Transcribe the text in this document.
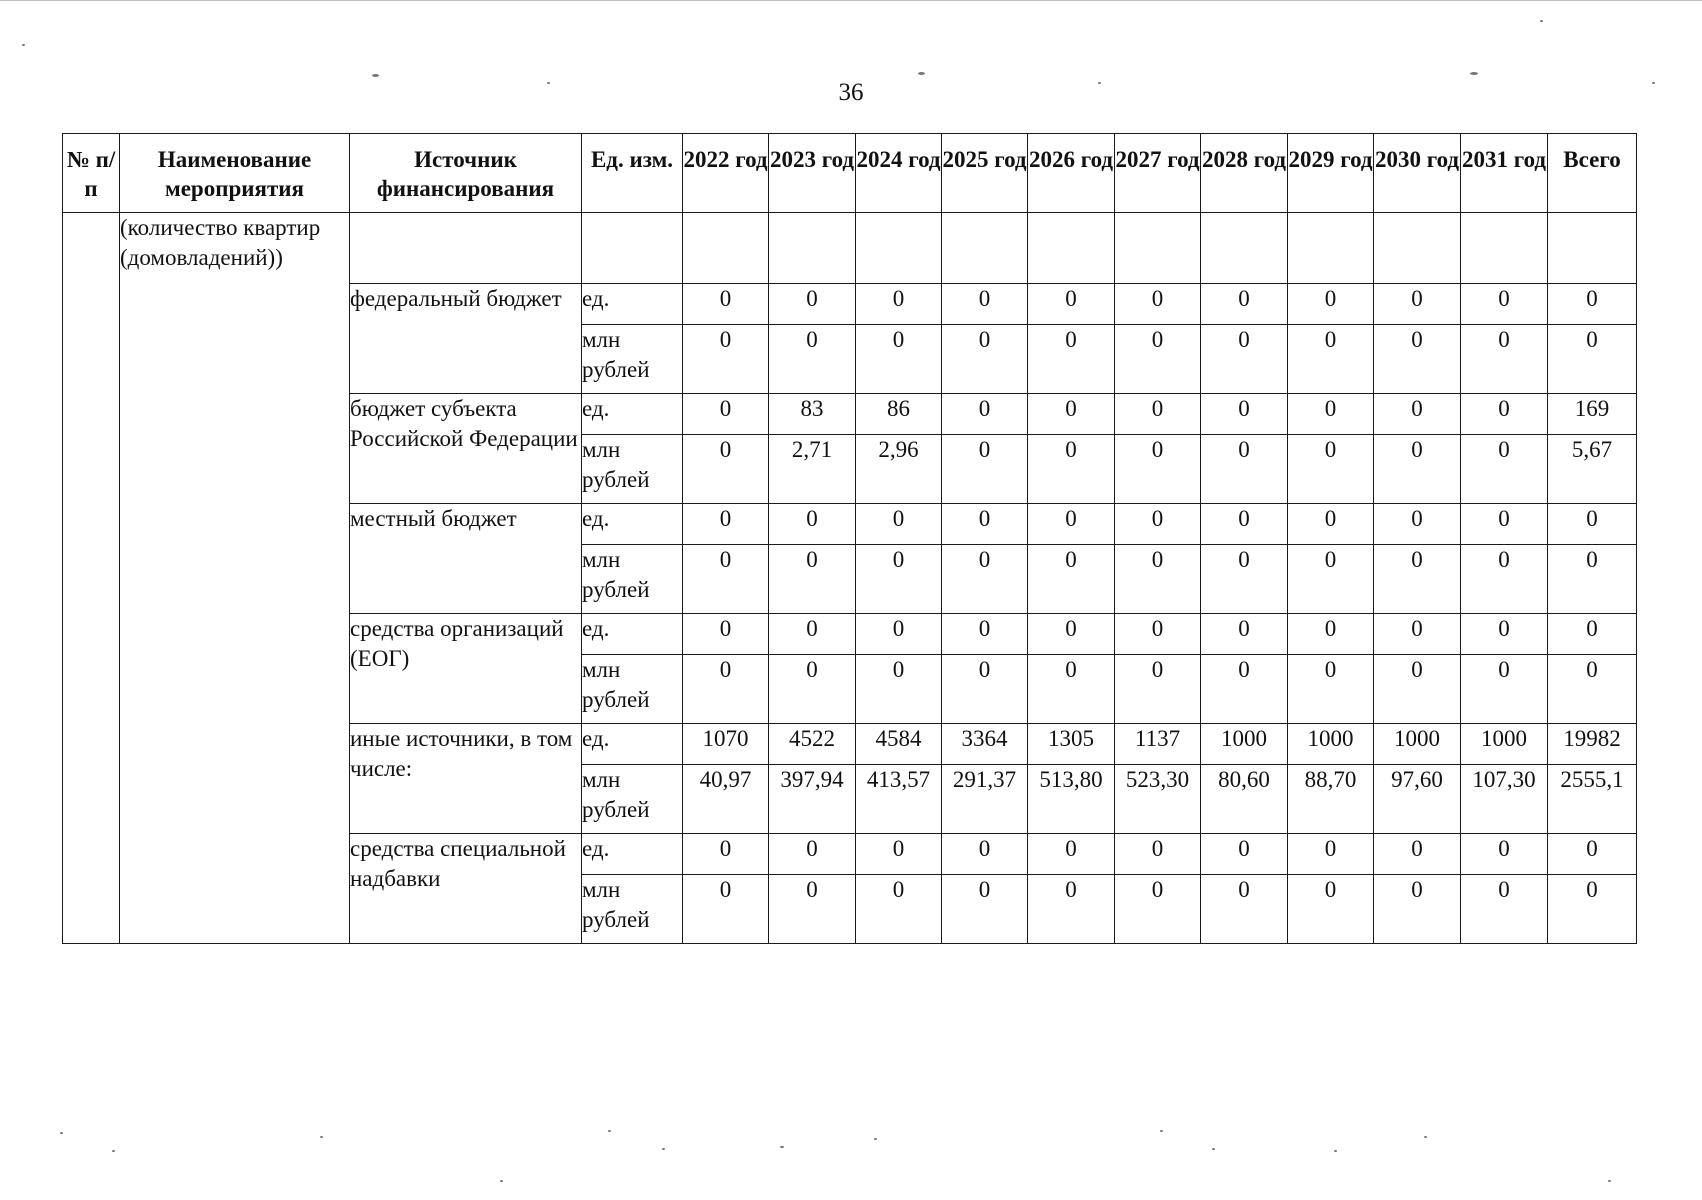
36
№ п/п	Наименование мероприятия	Источник финансирования	Ед. изм.	2022 год	2023 год	2024 год	2025 год	2026 год	2027 год	2028 год	2029 год	2030 год	2031 год	Всего
	(количество квартир (домовладений))													
		федеральный бюджет	ед.	0	0	0	0	0	0	0	0	0	0	0
			млн рублей	0	0	0	0	0	0	0	0	0	0	0
		бюджет субъекта Российской Федерации	ед.	0	83	86	0	0	0	0	0	0	0	169
			млн рублей	0	2,71	2,96	0	0	0	0	0	0	0	5,67
		местный бюджет	ед.	0	0	0	0	0	0	0	0	0	0	0
			млн рублей	0	0	0	0	0	0	0	0	0	0	0
		средства организаций (ЕОГ)	ед.	0	0	0	0	0	0	0	0	0	0	0
			млн рублей	0	0	0	0	0	0	0	0	0	0	0
		иные источники, в том числе:	ед.	1070	4522	4584	3364	1305	1137	1000	1000	1000	1000	19982
			млн рублей	40,97	397,94	413,57	291,37	513,80	523,30	80,60	88,70	97,60	107,30	2555,1
		средства специальной надбавки	ед.	0	0	0	0	0	0	0	0	0	0	0
			млн рублей	0	0	0	0	0	0	0	0	0	0	0
